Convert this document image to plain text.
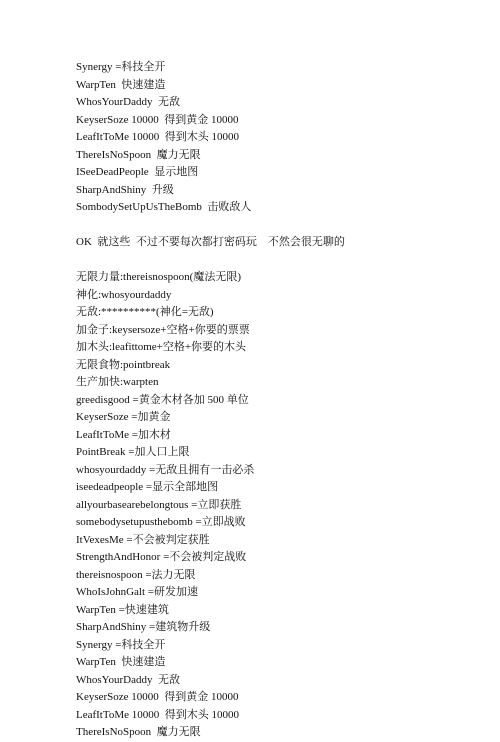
Synergy =科技全开
WarpTen  快速建造
WhosYourDaddy  无敌
KeyserSoze 10000  得到黄金 10000
LeafItToMe 10000  得到木头 10000
ThereIsNoSpoon  魔力无限
ISeeDeadPeople  显示地图
SharpAndShiny  升级
SombodySetUpUsTheBomb  击败敌人
OK  就这些  不过不要每次都打密码玩    不然会很无聊的
无限力量:thereisnospoon(魔法无限)
神化:whosyourdaddy
无敌:**********(神化=无敌)
加金子:keysersoze+空格+你要的票票
加木头:leafittome+空格+你要的木头
无限食物:pointbreak
生产加快:warpten
greedisgood =黄金木材各加 500 单位
KeyserSoze =加黄金
LeafItToMe =加木材
PointBreak =加人口上限
whosyourdaddy =无敌且拥有一击必杀
iseedeadpeople =显示全部地图
allyourbasearebelongtous =立即获胜
somebodysetupusthebomb =立即战败
ItVexesMe =不会被判定获胜
StrengthAndHonor =不会被判定战败
thereisnospoon =法力无限
WhoIsJohnGalt =研发加速
WarpTen =快速建筑
SharpAndShiny =建筑物升级
Synergy =科技全开
WarpTen  快速建造
WhosYourDaddy  无敌
KeyserSoze 10000  得到黄金 10000
LeafItToMe 10000  得到木头 10000
ThereIsNoSpoon  魔力无限
